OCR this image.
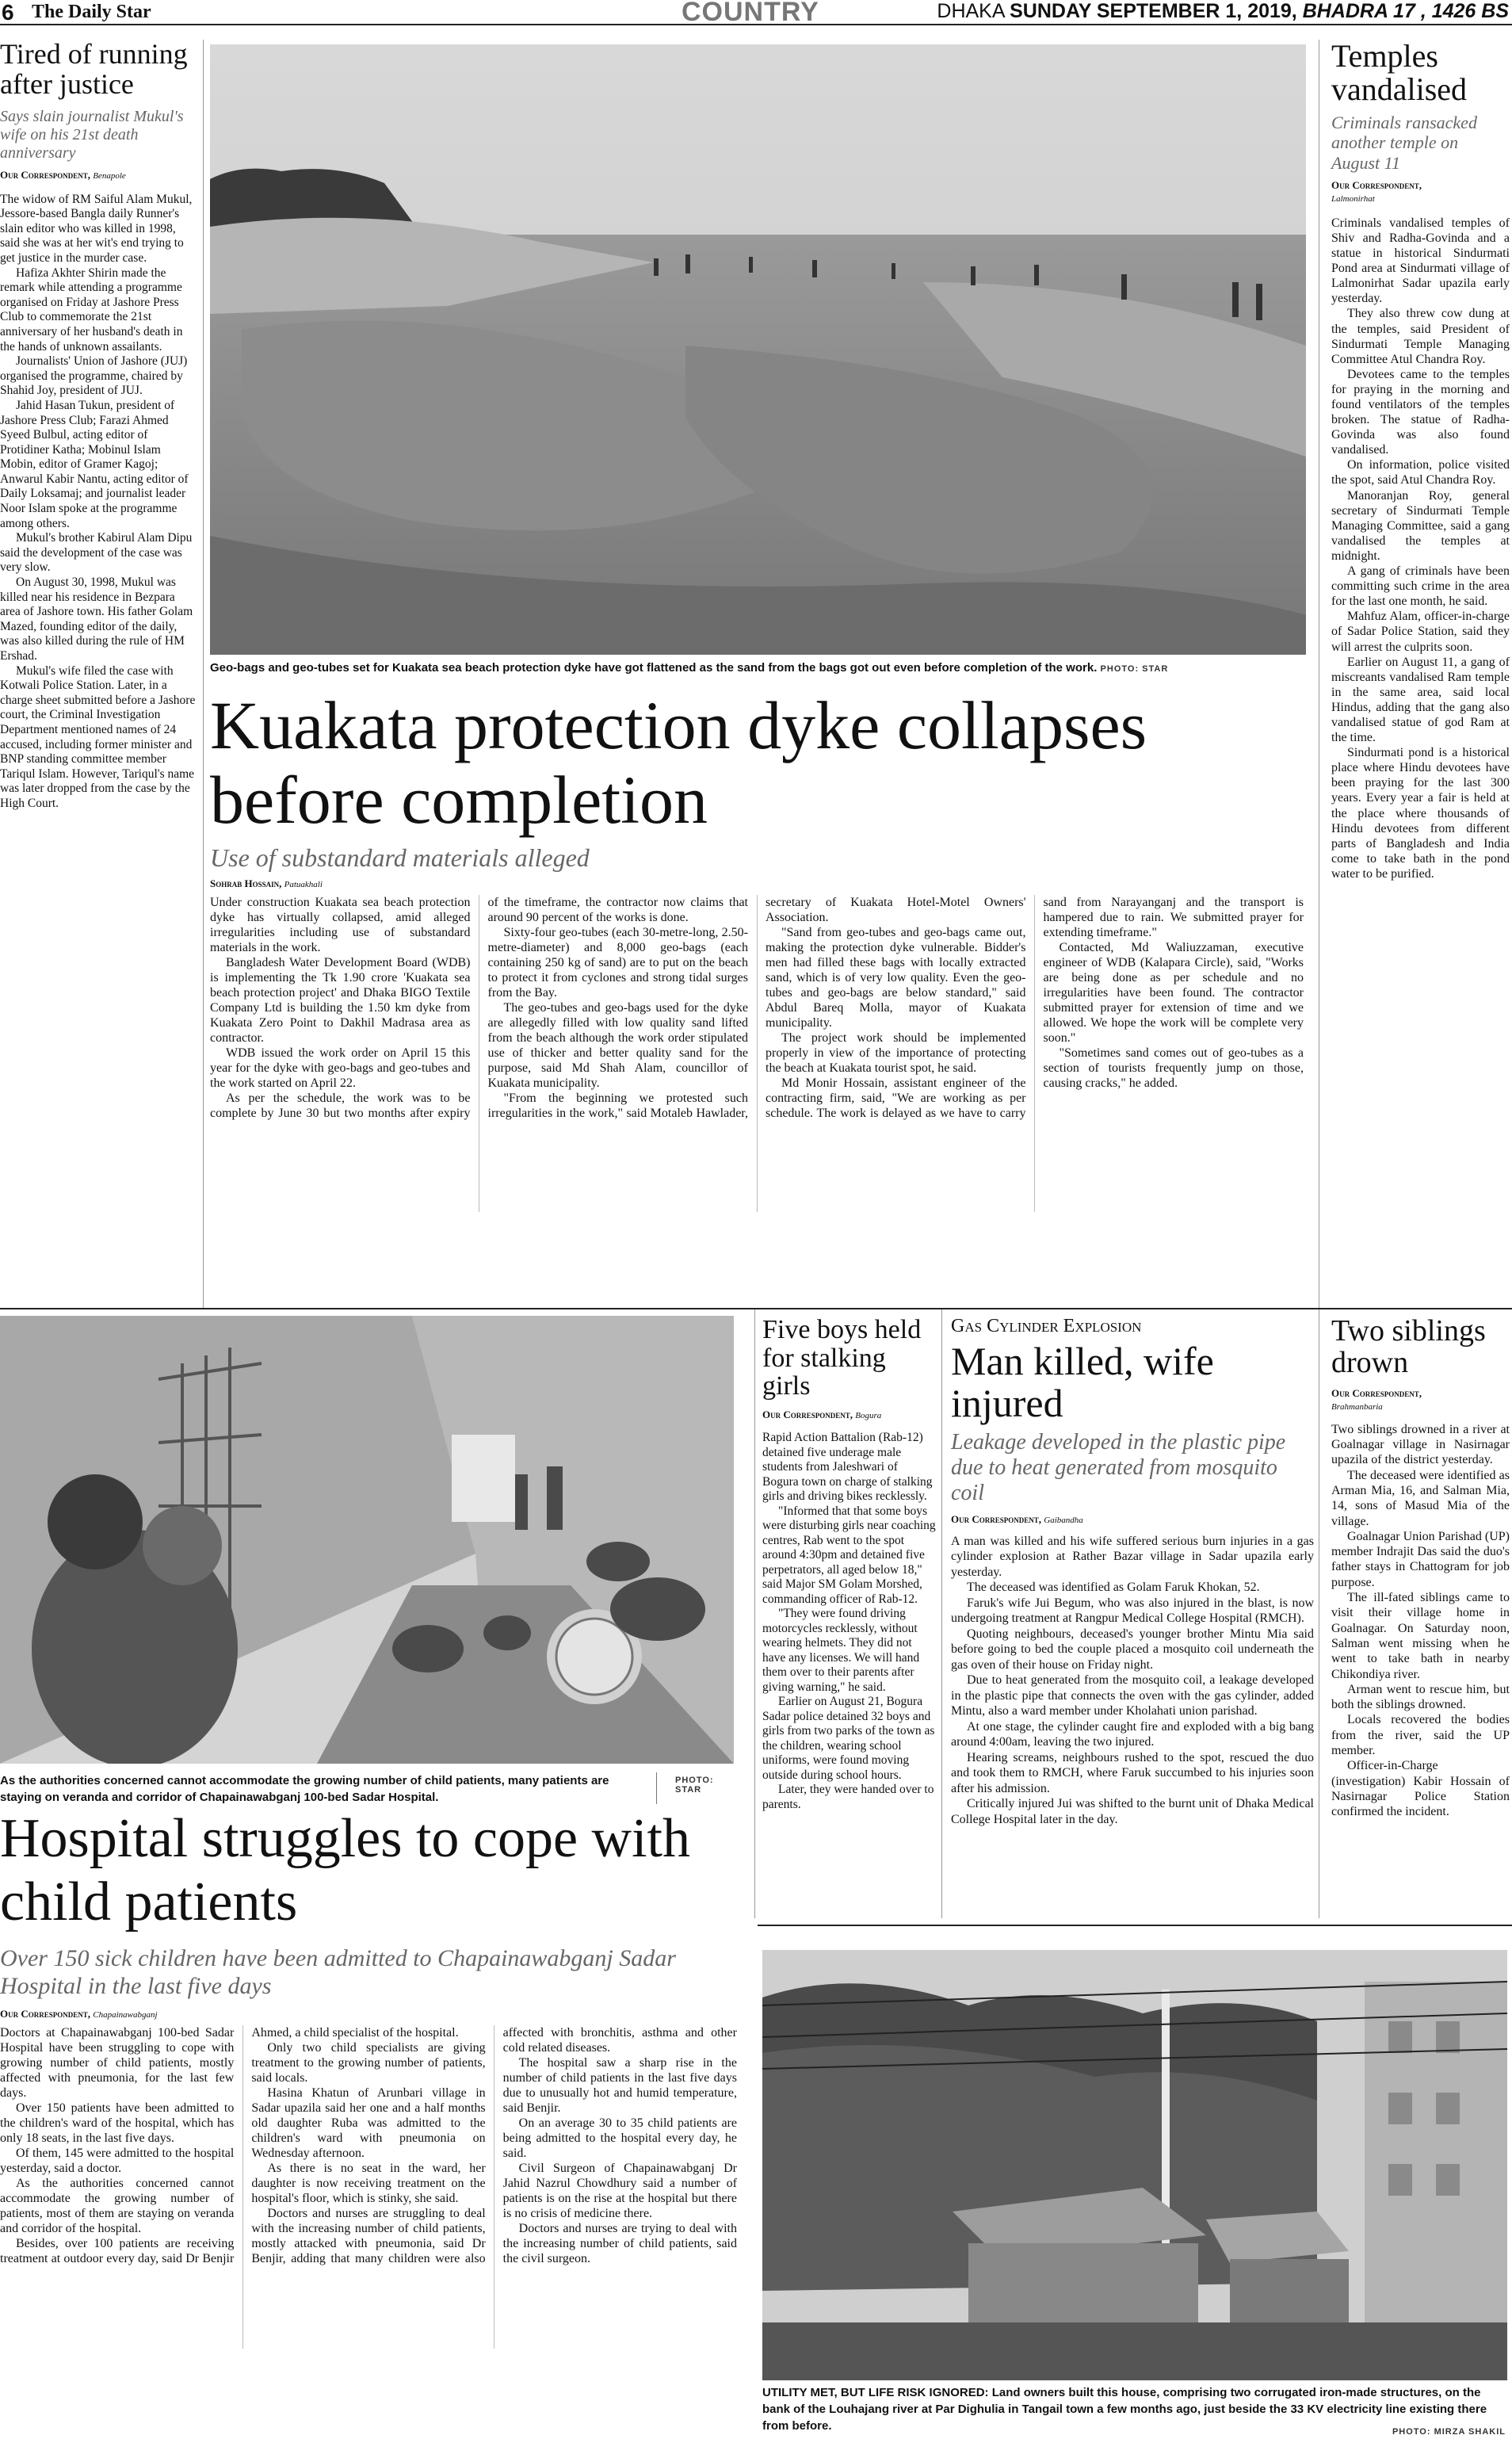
6 The Daily Star	COUNTRY	DHAKA SUNDAY SEPTEMBER 1, 2019, BHADRA 17 , 1426 BS
Tired of running after justice
Says slain journalist Mukul's wife on his 21st death anniversary
Our Correspondent, Benapole

The widow of RM Saiful Alam Mukul, Jessore-based Bangla daily Runner's slain editor who was killed in 1998, said she was at her wit's end trying to get justice in the murder case.

Hafiza Akhter Shirin made the remark while attending a programme organised on Friday at Jashore Press Club to commemorate the 21st anniversary of her husband's death in the hands of unknown assailants.

Journalists' Union of Jashore (JUJ) organised the programme, chaired by Shahid Joy, president of JUJ.

Jahid Hasan Tukun, president of Jashore Press Club; Farazi Ahmed Syeed Bulbul, acting editor of Protidiner Katha; Mobinul Islam Mobin, editor of Gramer Kagoj; Anwarul Kabir Nantu, acting editor of Daily Loksamaj; and journalist leader Noor Islam spoke at the programme among others.

Mukul's brother Kabirul Alam Dipu said the development of the case was very slow.

On August 30, 1998, Mukul was killed near his residence in Bezpara area of Jashore town. His father Golam Mazed, founding editor of the daily, was also killed during the rule of HM Ershad.

Mukul's wife filed the case with Kotwali Police Station. Later, in a charge sheet submitted before a Jashore court, the Criminal Investigation Department mentioned names of 24 accused, including former minister and BNP standing committee member Tariqul Islam. However, Tariqul's name was later dropped from the case by the High Court.

Geo-bags and geo-tubes set for Kuakata sea beach protection dyke have got flattened as the sand from the bags got out even before completion of the work. PHOTO: STAR
Kuakata protection dyke collapses before completion
Use of substandard materials alleged
Sohrab Hossain, Patuakhali

Under construction Kuakata sea beach protection dyke has virtually collapsed, amid alleged irregularities including use of substandard materials in the work.

Bangladesh Water Development Board (WDB) is implementing the Tk 1.90 crore 'Kuakata sea beach protection project' and Dhaka BIGO Textile Company Ltd is building the 1.50 km dyke from Kuakata Zero Point to Dakhil Madrasa area as contractor.

WDB issued the work order on April 15 this year for the dyke with geo-bags and geo-tubes and the work started on April 22.

As per the schedule, the work was to be complete by June 30 but two months after expiry of the timeframe, the contractor now claims that around 90 percent of the works is done.

Sixty-four geo-tubes (each 30-metre-long, 2.50-metre-diameter) and 8,000 geo-bags (each containing 250 kg of sand) are to put on the beach to protect it from cyclones and strong tidal surges from the Bay.

The geo-tubes and geo-bags used for the dyke are allegedly filled with low quality sand lifted from the beach although the work order stipulated use of thicker and better quality sand for the purpose, said Md Shah Alam, councillor of Kuakata municipality.

"From the beginning we protested such irregularities in the work," said Motaleb Hawlader, secretary of Kuakata Hotel-Motel Owners' Association.

"Sand from geo-tubes and geo-bags came out, making the protection dyke vulnerable. Bidder's men had filled these bags with locally extracted sand, which is of very low quality. Even the geo-tubes and geo-bags are below standard," said Abdul Bareq Molla, mayor of Kuakata municipality.

The project work should be implemented properly in view of the importance of protecting the beach at Kuakata tourist spot, he said.

Md Monir Hossain, assistant engineer of the contracting firm, said, "We are working as per schedule. The work is delayed as we have to carry sand from Narayanganj and the transport is hampered due to rain. We submitted prayer for extending timeframe."

Contacted, Md Waliuzzaman, executive engineer of WDB (Kalapara Circle), said, "Works are being done as per schedule and no irregularities have been found. The contractor submitted prayer for extension of time and we allowed. We hope the work will be complete very soon."

"Sometimes sand comes out of geo-tubes as a section of tourists frequently jump on those, causing cracks," he added.

Temples vandalised
Criminals ransacked another temple on August 11
Our Correspondent,
Lalmonirhat

Criminals vandalised temples of Shiv and Radha-Govinda and a statue in historical Sindurmati Pond area at Sindurmati village of Lalmonirhat Sadar upazila early yesterday.

They also threw cow dung at the temples, said President of Sindurmati Temple Managing Committee Atul Chandra Roy.

Devotees came to the temples for praying in the morning and found ventilators of the temples broken. The statue of Radha-Govinda was also found vandalised.

On information, police visited the spot, said Atul Chandra Roy.

Manoranjan Roy, general secretary of Sindurmati Temple Managing Committee, said a gang vandalised the temples at midnight.

A gang of criminals have been committing such crime in the area for the last one month, he said.

Mahfuz Alam, officer-in-charge of Sadar Police Station, said they will arrest the culprits soon.

Earlier on August 11, a gang of miscreants vandalised Ram temple in the same area, said local Hindus, adding that the gang also vandalised statue of god Ram at the time.

Sindurmati pond is a historical place where Hindu devotees have been praying for the last 300 years. Every year a fair is held at the place where thousands of Hindu devotees from different parts of Bangladesh and India come to take bath in the pond water to be purified.

As the authorities concerned cannot accommodate the growing number of child patients, many patients are staying on veranda and corridor of Chapainawabganj 100-bed Sadar Hospital.
PHOTO: STAR
Hospital struggles to cope with child patients
Over 150 sick children have been admitted to Chapainawabganj Sadar Hospital in the last five days
Our Correspondent, Chapainawabganj

Doctors at Chapainawabganj 100-bed Sadar Hospital have been struggling to cope with growing number of child patients, mostly affected with pneumonia, for the last few days.

Over 150 patients have been admitted to the children's ward of the hospital, which has only 18 seats, in the last five days.

Of them, 145 were admitted to the hospital yesterday, said a doctor.

As the authorities concerned cannot accommodate the growing number of patients, most of them are staying on veranda and corridor of the hospital.

Besides, over 100 patients are receiving treatment at outdoor every day, said Dr Benjir Ahmed, a child specialist of the hospital.

Only two child specialists are giving treatment to the growing number of patients, said locals.

Hasina Khatun of Arunbari village in Sadar upazila said her one and a half months old daughter Ruba was admitted to the children's ward with pneumonia on Wednesday afternoon.

As there is no seat in the ward, her daughter is now receiving treatment on the hospital's floor, which is stinky, she said.

Doctors and nurses are struggling to deal with the increasing number of child patients, mostly attacked with pneumonia, said Dr Benjir, adding that many children were also affected with bronchitis, asthma and other cold related diseases.

The hospital saw a sharp rise in the number of child patients in the last five days due to unusually hot and humid temperature, said Benjir.

On an average 30 to 35 child patients are being admitted to the hospital every day, he said.

Civil Surgeon of Chapainawabganj Dr Jahid Nazrul Chowdhury said a number of patients is on the rise at the hospital but there is no crisis of medicine there.

Doctors and nurses are trying to deal with the increasing number of child patients, said the civil surgeon.

Five boys held for stalking girls
Our Correspondent, Bogura

Rapid Action Battalion (Rab-12) detained five underage male students from Jaleshwari of Bogura town on charge of stalking girls and driving bikes recklessly.

"Informed that that some boys were disturbing girls near coaching centres, Rab went to the spot around 4:30pm and detained five perpetrators, all aged below 18," said Major SM Golam Morshed, commanding officer of Rab-12.

"They were found driving motorcycles recklessly, without wearing helmets. They did not have any licenses. We will hand them over to their parents after giving warning," he said.

Earlier on August 21, Bogura Sadar police detained 32 boys and girls from two parks of the town as the children, wearing school uniforms, were found moving outside during school hours.

Later, they were handed over to parents.

Gas Cylinder Explosion
Man killed, wife injured
Leakage developed in the plastic pipe due to heat generated from mosquito coil
Our Correspondent, Gaibandha

A man was killed and his wife suffered serious burn injuries in a gas cylinder explosion at Rather Bazar village in Sadar upazila early yesterday.

The deceased was identified as Golam Faruk Khokan, 52.

Faruk's wife Jui Begum, who was also injured in the blast, is now undergoing treatment at Rangpur Medical College Hospital (RMCH).

Quoting neighbours, deceased's younger brother Mintu Mia said before going to bed the couple placed a mosquito coil underneath the gas oven of their house on Friday night.

Due to heat generated from the mosquito coil, a leakage developed in the plastic pipe that connects the oven with the gas cylinder, added Mintu, also a ward member under Kholahati union parishad.

At one stage, the cylinder caught fire and exploded with a big bang around 4:00am, leaving the two injured.

Hearing screams, neighbours rushed to the spot, rescued the duo and took them to RMCH, where Faruk succumbed to his injuries soon after his admission.

Critically injured Jui was shifted to the burnt unit of Dhaka Medical College Hospital later in the day.

Two siblings drown
Our Correspondent,
Brahmanbaria

Two siblings drowned in a river at Goalnagar village in Nasirnagar upazila of the district yesterday.

The deceased were identified as Arman Mia, 16, and Salman Mia, 14, sons of Masud Mia of the village.

Goalnagar Union Parishad (UP) member Indrajit Das said the duo's father stays in Chattogram for job purpose.

The ill-fated siblings came to visit their village home in Goalnagar. On Saturday noon, Salman went missing when he went to take bath in nearby Chikondiya river.

Arman went to rescue him, but both the siblings drowned.

Locals recovered the bodies from the river, said the UP member.

Officer-in-Charge (investigation) Kabir Hossain of Nasirnagar Police Station confirmed the incident.

UTILITY MET, BUT LIFE RISK IGNORED: Land owners built this house, comprising two corrugated iron-made structures, on the bank of the Louhajang river at Par Dighulia in Tangail town a few months ago, just beside the 33 KV electricity line existing there from before.	PHOTO: MIRZA SHAKIL
